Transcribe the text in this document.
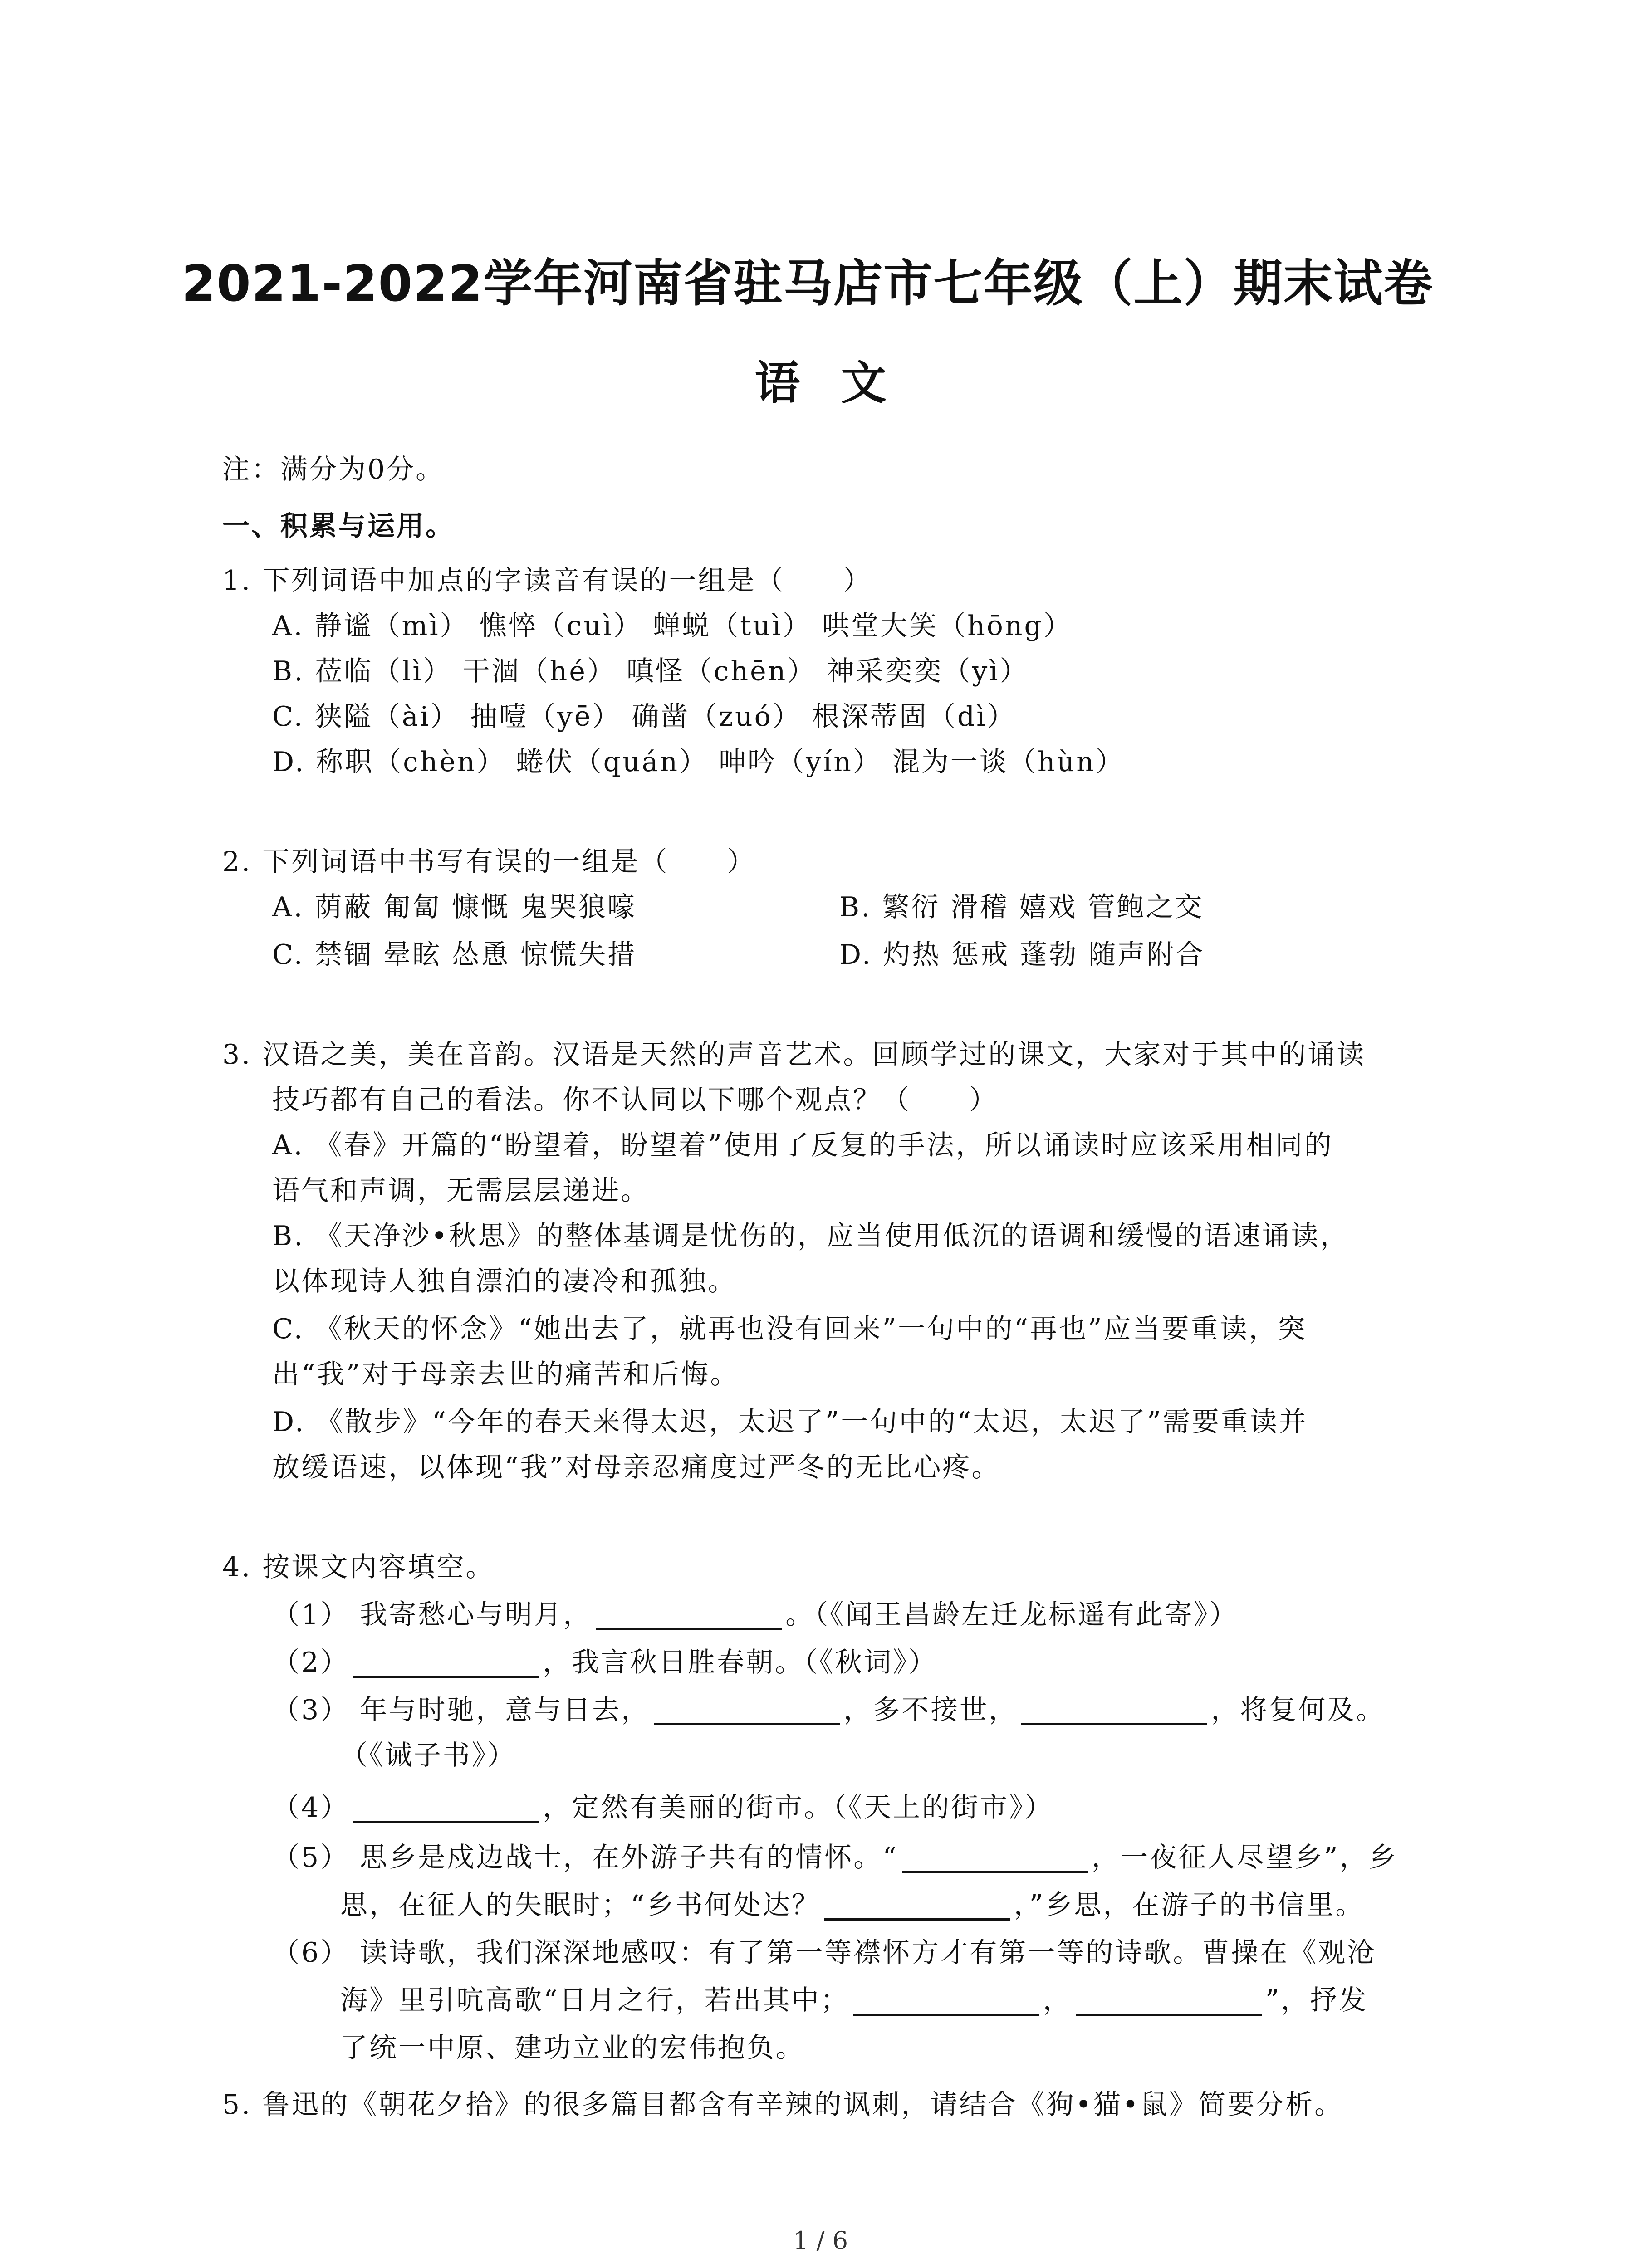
2021-2022学年河南省驻马店市七年级（上）期末试卷
语文
注：满分为0分。
一、积累与运用。
1. 下列词语中加点的字读音有误的一组是（　　）
A. 静谧（mì） 憔悴（cuì） 蝉蜕（tuì） 哄堂大笑（hōng）
B. 莅临（lì） 干涸（hé） 嗔怪（chēn） 神采奕奕（yì）
C. 狭隘（ài） 抽噎（yē） 确凿（zuó） 根深蒂固（dì）
D. 称职（chèn） 蜷伏（quán） 呻吟（yín） 混为一谈（hùn）
2. 下列词语中书写有误的一组是（　　）
A. 荫蔽 匍匐 慷慨 鬼哭狼嚎	B. 繁衍 滑稽 嬉戏 管鲍之交
C. 禁锢 晕眩 怂恿 惊慌失措	D. 灼热 惩戒 蓬勃 随声附合
3. 汉语之美，美在音韵。汉语是天然的声音艺术。回顾学过的课文，大家对于其中的诵读
技巧都有自己的看法。你不认同以下哪个观点？（　　）
A. 《春》开篇的“盼望着，盼望着”使用了反复的手法，所以诵读时应该采用相同的
语气和声调，无需层层递进。
B. 《天净沙•秋思》的整体基调是忧伤的，应当使用低沉的语调和缓慢的语速诵读，
以体现诗人独自漂泊的凄冷和孤独。
C. 《秋天的怀念》“她出去了，就再也没有回来”一句中的“再也”应当要重读，突
出“我”对于母亲去世的痛苦和后悔。
D. 《散步》“今年的春天来得太迟，太迟了”一句中的“太迟，太迟了”需要重读并
放缓语速，以体现“我”对母亲忍痛度过严冬的无比心疼。
4. 按课文内容填空。
（1） 我寄愁心与明月，	。（《闻王昌龄左迁龙标遥有此寄》）
（2）	，我言秋日胜春朝。（《秋词》）
（3） 年与时驰，意与日去，	，多不接世，	，将复何及。
（《诫子书》）
（4）	，定然有美丽的街市。（《天上的街市》）
（5） 思乡是戍边战士，在外游子共有的情怀。“	，一夜征人尽望乡”，乡
思，在征人的失眠时；“乡书何处达？	，”乡思，在游子的书信里。
（6） 读诗歌，我们深深地感叹：有了第一等襟怀方才有第一等的诗歌。曹操在《观沧
海》里引吭高歌“日月之行，若出其中；	，	”，抒发
了统一中原、建功立业的宏伟抱负。
5. 鲁迅的《朝花夕拾》的很多篇目都含有辛辣的讽刺，请结合《狗•猫•鼠》简要分析。
1 / 6
